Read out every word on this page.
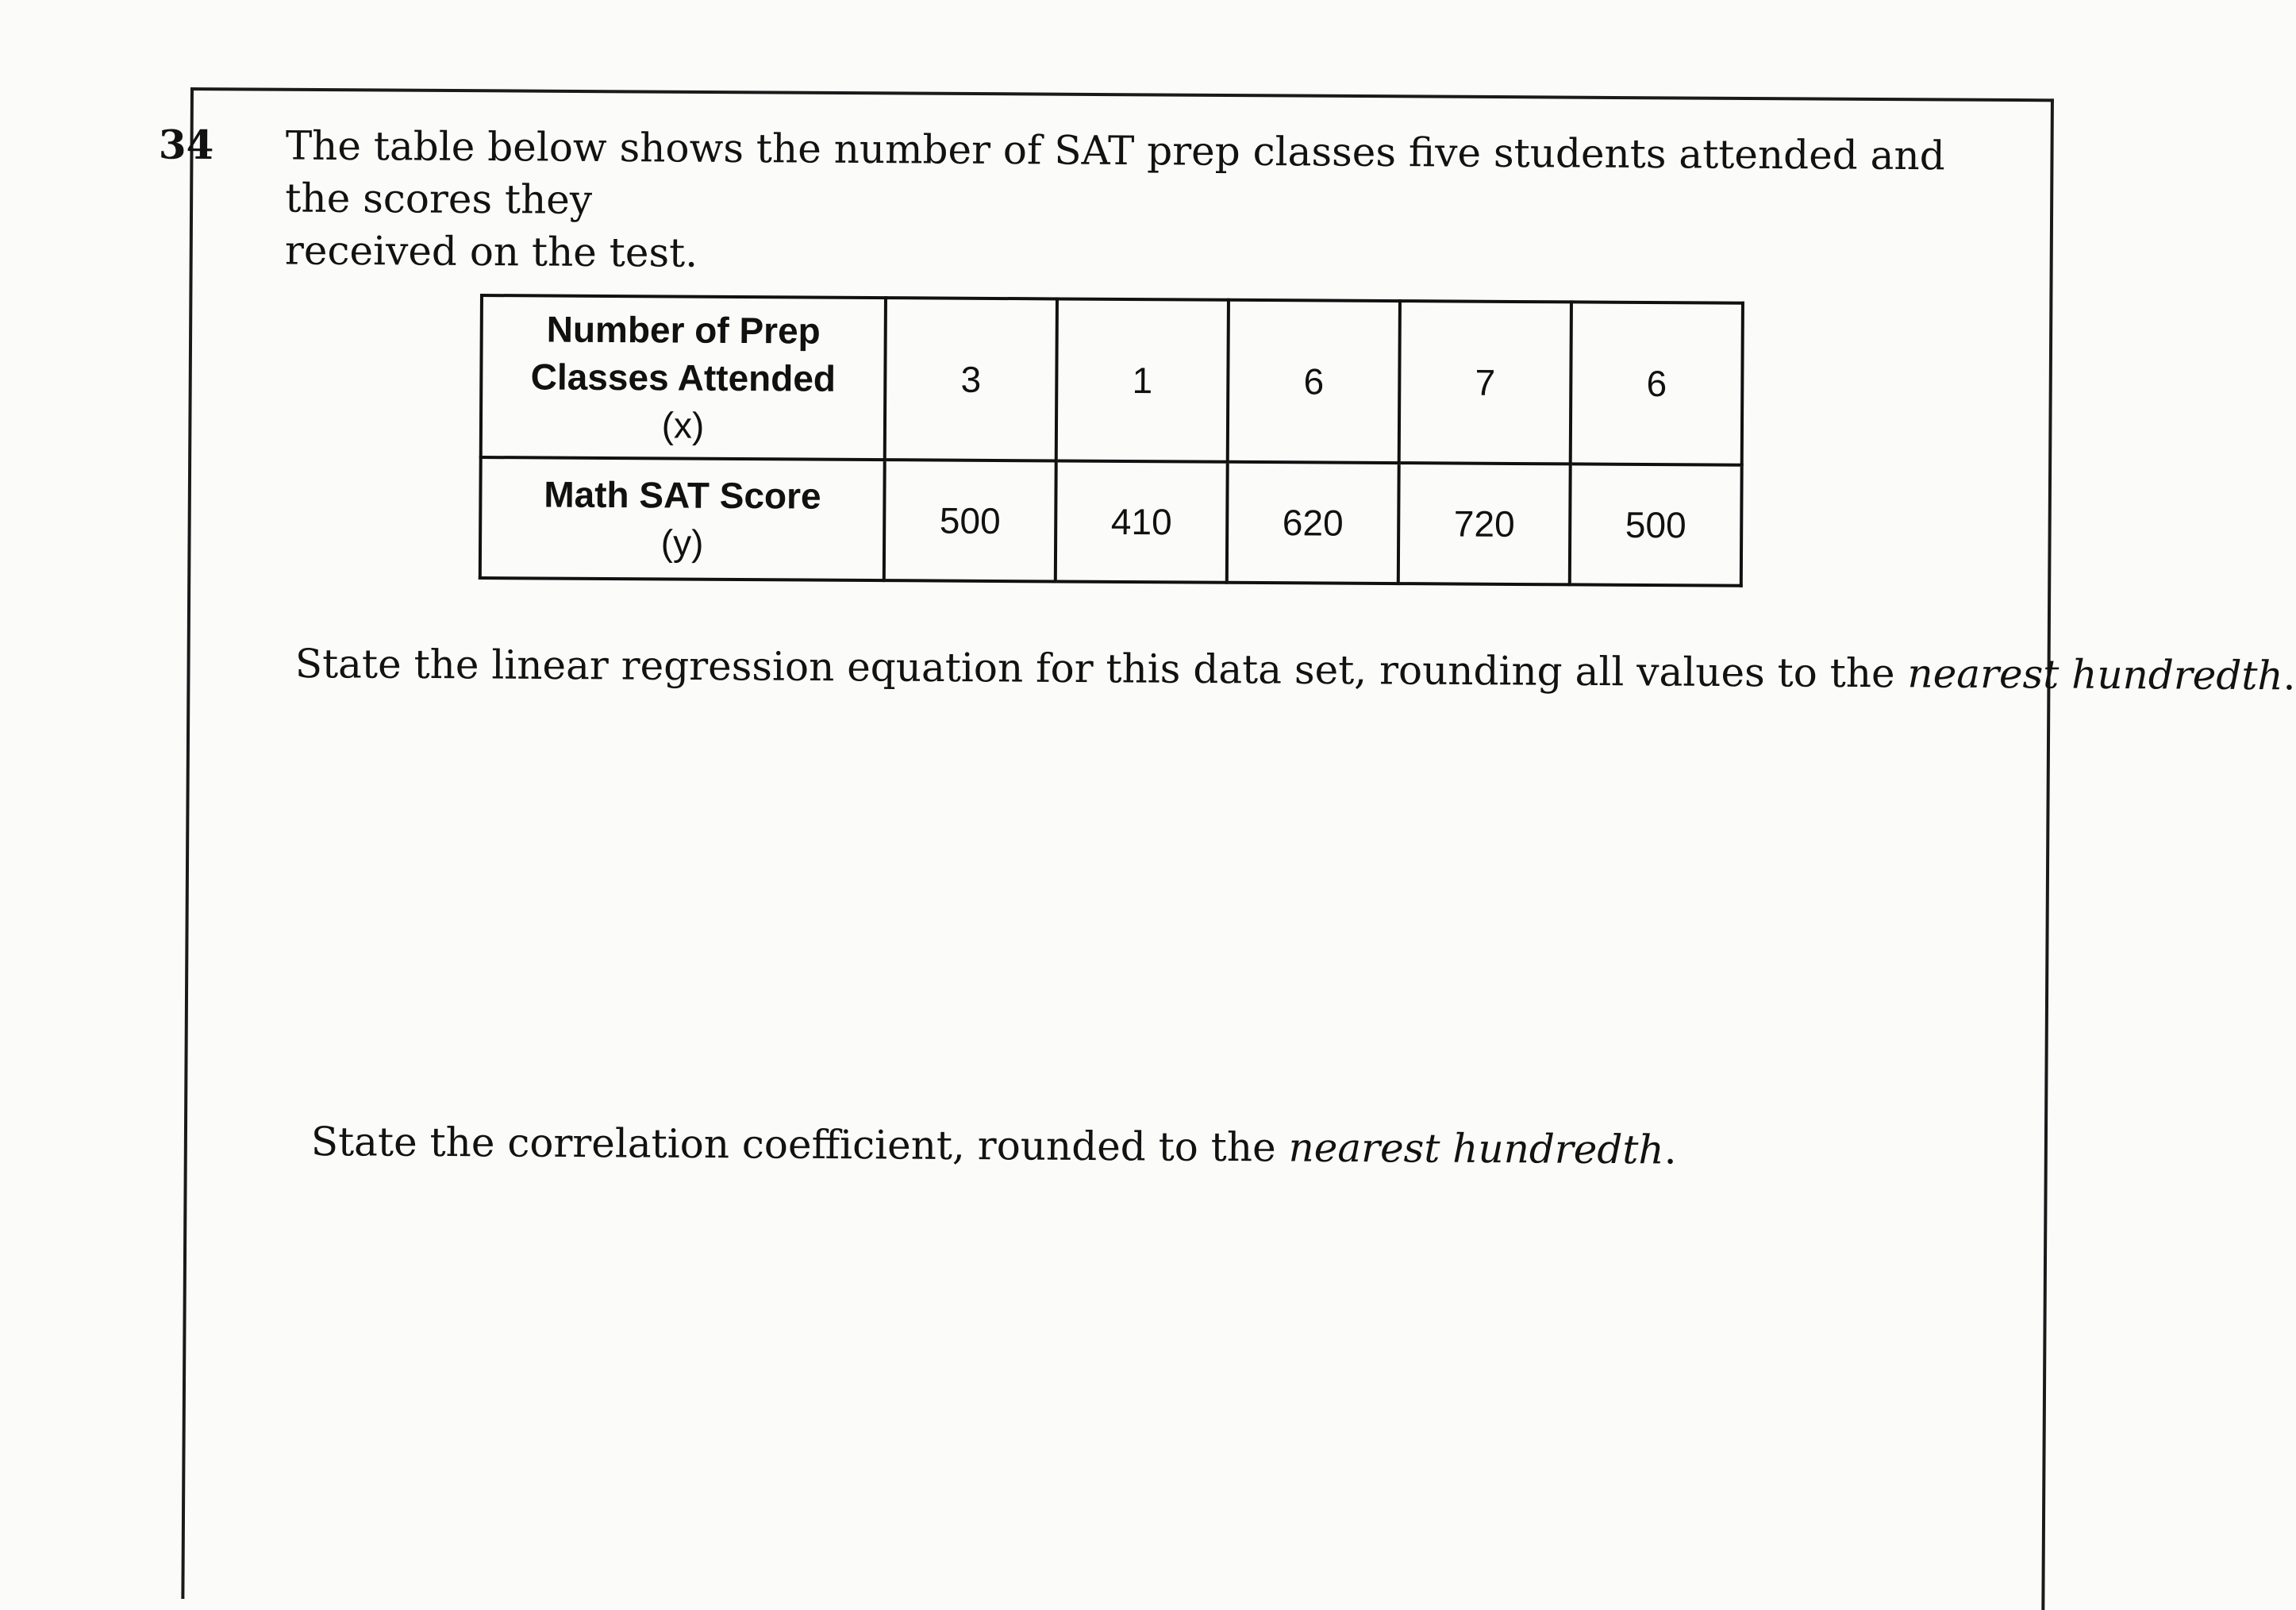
34 The table below shows the number of SAT prep classes five students attended and the scores they
received on the test.
Number of Prep
Classes Attended
(x)	3	1	6	7	6

Math SAT Score
(y)	500	410	620	720	500
State the linear regression equation for this data set, rounding all values to the nearest hundredth.
State the correlation coefficient, rounded to the nearest hundredth.
